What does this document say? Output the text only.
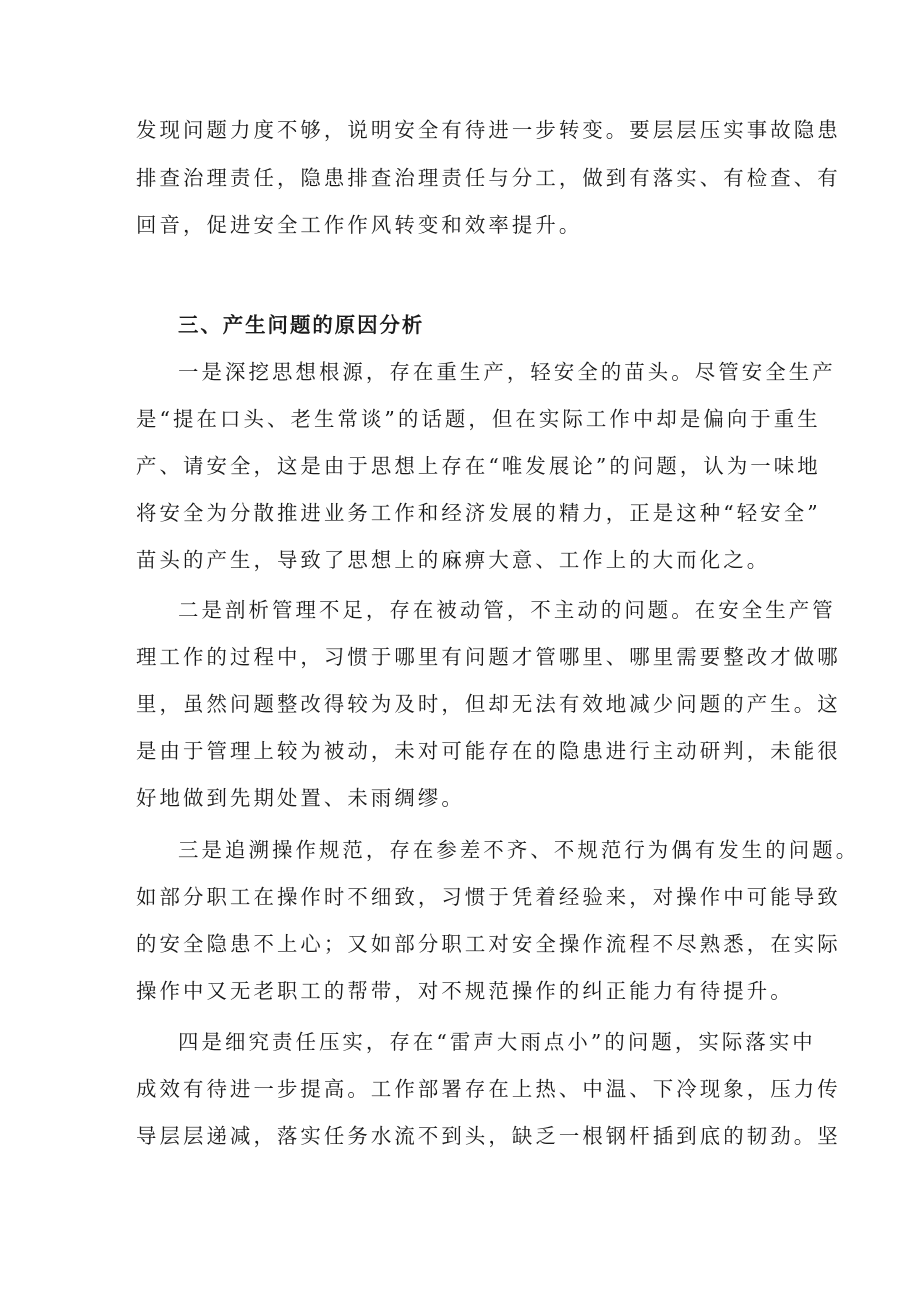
发现问题力度不够，说明安全有待进一步转变。要层层压实事故隐患

排查治理责任，隐患排查治理责任与分工，做到有落实、有检查、有

回音，促进安全工作作风转变和效率提升。

三、产生问题的原因分析

一是深挖思想根源，存在重生产，轻安全的苗头。尽管安全生产

是“提在口头、老生常谈”的话题，但在实际工作中却是偏向于重生

产、请安全，这是由于思想上存在“唯发展论”的问题，认为一味地

将安全为分散推进业务工作和经济发展的精力，正是这种“轻安全”

苗头的产生，导致了思想上的麻痹大意、工作上的大而化之。

二是剖析管理不足，存在被动管，不主动的问题。在安全生产管

理工作的过程中，习惯于哪里有问题才管哪里、哪里需要整改才做哪

里，虽然问题整改得较为及时，但却无法有效地减少问题的产生。这

是由于管理上较为被动，未对可能存在的隐患进行主动研判，未能很

好地做到先期处置、未雨绸缪。

三是追溯操作规范，存在参差不齐、不规范行为偶有发生的问题。

如部分职工在操作时不细致，习惯于凭着经验来，对操作中可能导致

的安全隐患不上心；又如部分职工对安全操作流程不尽熟悉，在实际

操作中又无老职工的帮带，对不规范操作的纠正能力有待提升。

四是细究责任压实，存在“雷声大雨点小”的问题，实际落实中

成效有待进一步提高。工作部署存在上热、中温、下冷现象，压力传

导层层递减，落实任务水流不到头，缺乏一根钢杆插到底的韧劲。坚
